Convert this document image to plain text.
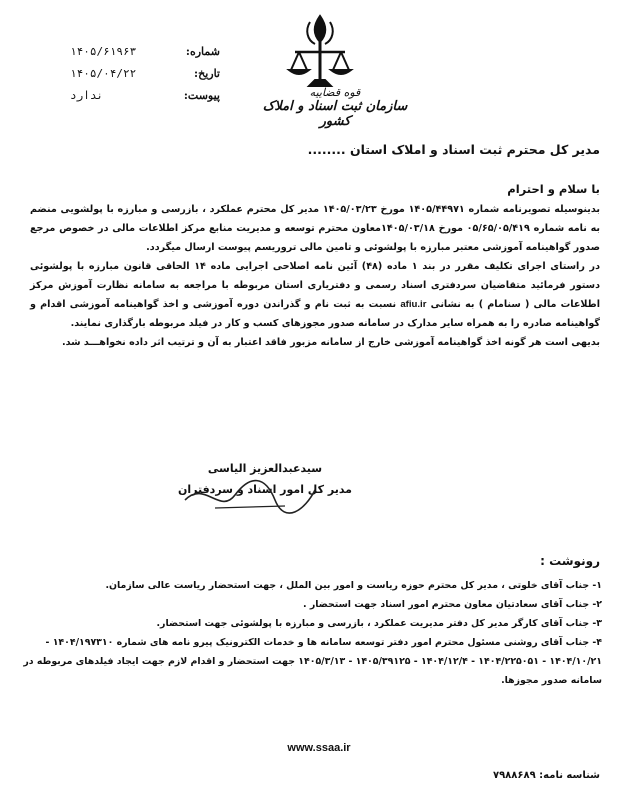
شماره:
۱۴۰۵/۶۱۹۶۳
تاریخ:
۱۴۰۵/۰۴/۲۲
پیوست:
ندارد	قوه قضاییه
سازمان ثبت اسناد و املاک کشور
مدیر کل محترم ثبت اسناد و املاک استان ........
با سلام و احترام

بدینوسیله تصویرنامه شماره ۱۴۰۵/۴۴۹۷۱ مورخ ۱۴۰۵/۰۳/۲۳ مدیر کل محترم عملکرد ، بازرسی و مبارزه با پولشویی منضم به نامه شماره ۰۵/۶۵/۰۵/۴۱۹ مورخ ۱۴۰۵/۰۳/۱۸معاون محترم توسعه و مدیریت منابع مرکز اطلاعات مالی در خصوص مرجع صدور گواهینامه آموزشی معتبر مبارزه با پولشوئی و تامین مالی تروریسم پیوست ارسال میگردد.

در راستای اجرای تکلیف مقرر در بند ۱ ماده (۴۸) آئین نامه اصلاحی اجرایی ماده ۱۴ الحاقی قانون مبارزه با پولشوئی دستور فرمائید متقاضیان سردفتری اسناد رسمی و دفتریاری استان مربوطه با مراجعه به سامانه نظارت آموزش مرکز اطلاعات مالی ( سنامام ) به نشانی afiu.ir نسبت به ثبت نام و گذراندن دوره آموزشی و اخذ گواهینامه آموزشی اقدام و گواهینامه صادره را به همراه سایر مدارک در سامانه صدور مجوزهای کسب و کار در فیلد مربوطه بارگذاری نمایند.

بدیهی است هر گونه اخذ گواهینامه آموزشی خارج از سامانه مزبور فاقد اعتبار به آن و ترتیب اثر داده نخواهـــد شد.

سیدعبدالعزیز الیاسی
مدیر کل امور اسناد و سردفتران
رونوشت :
۱- جناب آقای خلوتی ، مدیر کل محترم حوزه ریاست و امور بین الملل ، جهت استحضار ریاست عالی سازمان.
۲- جناب آقای سعادتیان معاون محترم امور اسناد جهت استحضار .
۳- جناب آقای کارگر مدیر کل دفتر مدیریت عملکرد ، بازرسی و مبارزه با پولشوئی جهت استحضار.
۴- جناب آقای روشنی مسئول محترم امور دفتر توسعه سامانه ها و خدمات الکترونیک پیرو نامه های شماره ۱۴۰۴/۱۹۷۳۱۰ - ۱۴۰۴/۱۰/۲۱ - ۱۴۰۴/۲۲۵۰۵۱ - ۱۴۰۴/۱۲/۴ - ۱۴۰۵/۳۹۱۲۵ - ۱۴۰۵/۳/۱۳ جهت استحضار و اقدام لازم جهت ایجاد فیلدهای مربوطه در سامانه صدور مجوزها.
www.ssaa.ir
شناسه نامه: ۷۹۸۸۶۸۹
